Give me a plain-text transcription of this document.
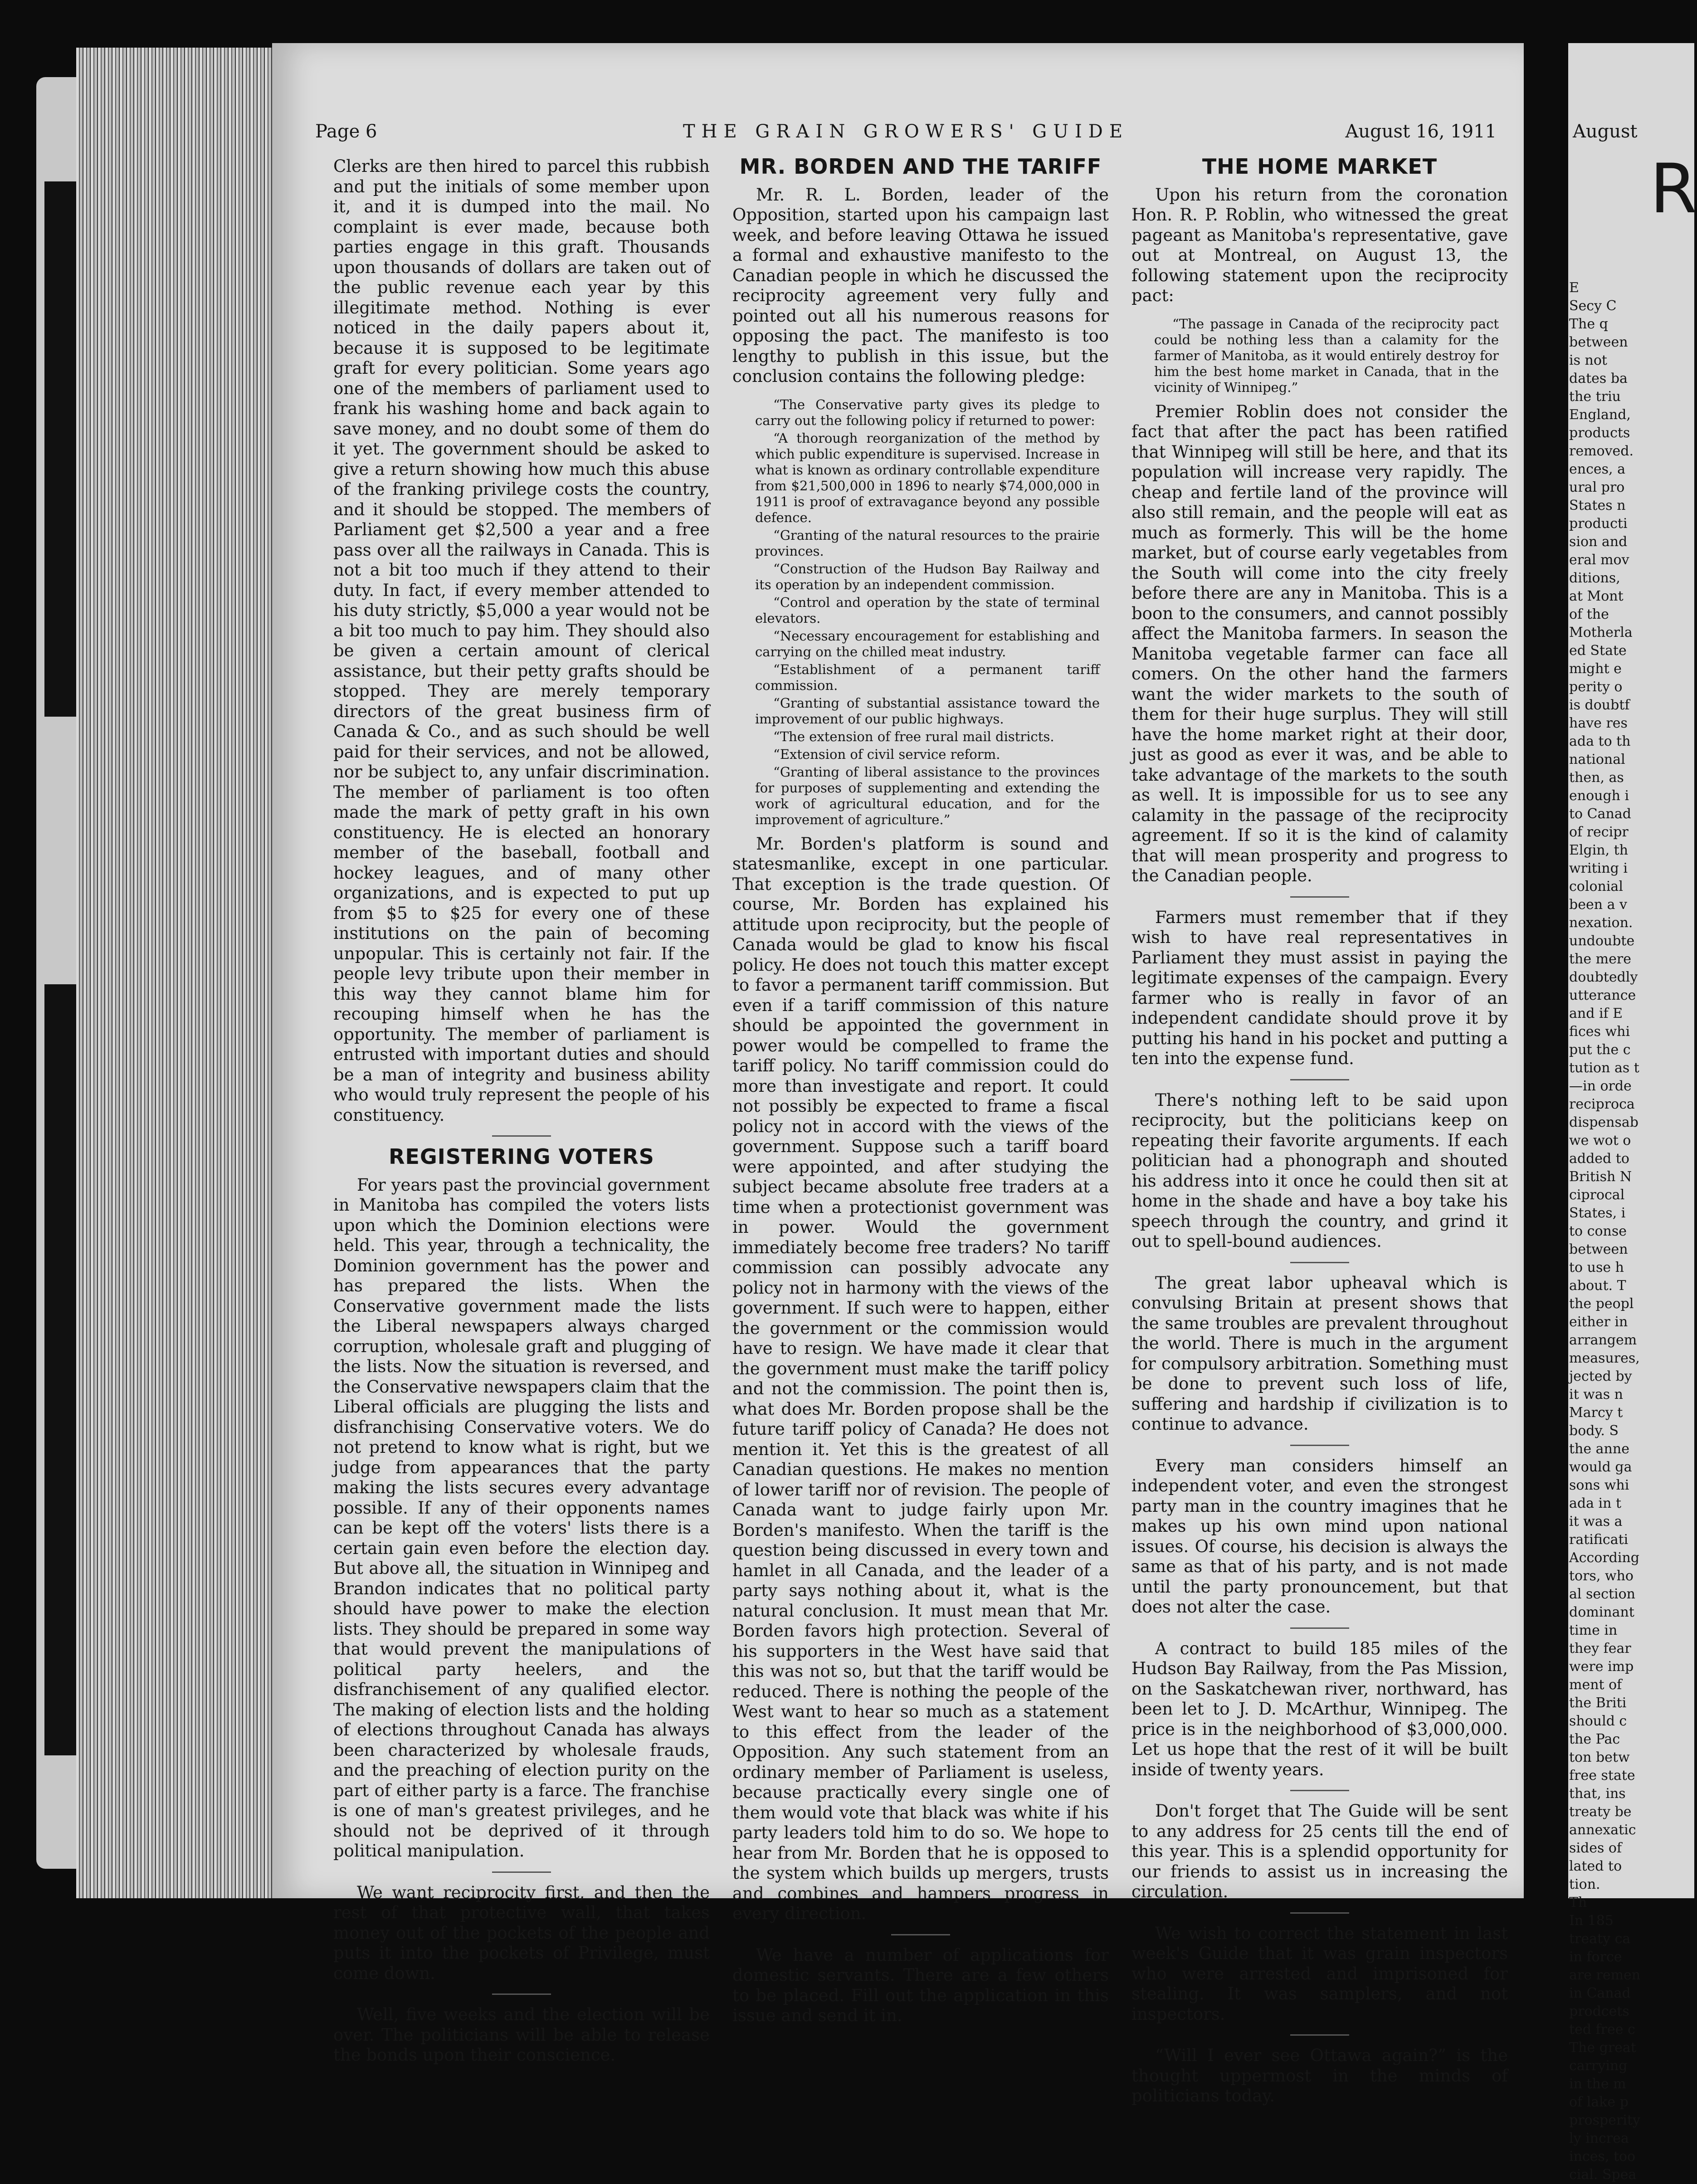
Page 6	THE GRAIN GROWERS' GUIDE	August 16, 1911

Clerks are then hired to parcel this rubbish and put the initials of some member upon it, and it is dumped into the mail. No complaint is ever made, because both parties engage in this graft. Thousands upon thousands of dollars are taken out of the public revenue each year by this illegitimate method. Nothing is ever noticed in the daily papers about it, because it is supposed to be legitimate graft for every politician. Some years ago one of the members of parliament used to frank his washing home and back again to save money, and no doubt some of them do it yet. The government should be asked to give a return showing how much this abuse of the franking privilege costs the country, and it should be stopped. The members of Parliament get $2,500 a year and a free pass over all the railways in Canada. This is not a bit too much if they attend to their duty. In fact, if every member attended to his duty strictly, $5,000 a year would not be a bit too much to pay him. They should also be given a certain amount of clerical assistance, but their petty grafts should be stopped. They are merely temporary directors of the great business firm of Canada & Co., and as such should be well paid for their services, and not be allowed, nor be subject to, any unfair discrimination. The member of parliament is too often made the mark of petty graft in his own constituency. He is elected an honorary member of the baseball, football and hockey leagues, and of many other organizations, and is expected to put up from $5 to $25 for every one of these institutions on the pain of becoming unpopular. This is certainly not fair. If the people levy tribute upon their member in this way they cannot blame him for recouping himself when he has the opportunity. The member of parliament is entrusted with important duties and should be a man of integrity and business ability who would truly represent the people of his constituency.

REGISTERING VOTERS

For years past the provincial government in Manitoba has compiled the voters lists upon which the Dominion elections were held. This year, through a technicality, the Dominion government has the power and has prepared the lists. When the Conservative government made the lists the Liberal newspapers always charged corruption, wholesale graft and plugging of the lists. Now the situation is reversed, and the Conservative newspapers claim that the Liberal officials are plugging the lists and disfranchising Conservative voters. We do not pretend to know what is right, but we judge from appearances that the party making the lists secures every advantage possible. If any of their opponents names can be kept off the voters' lists there is a certain gain even before the election day. But above all, the situation in Winnipeg and Brandon indicates that no political party should have power to make the election lists. They should be prepared in some way that would prevent the manipulations of political party heelers, and the disfranchisement of any qualified elector. The making of election lists and the holding of elections throughout Canada has always been characterized by wholesale frauds, and the preaching of election purity on the part of either party is a farce. The franchise is one of man's greatest privileges, and he should not be deprived of it through political manipulation.

We want reciprocity first, and then the rest of that protective wall, that takes money out of the pockets of the people and puts it into the pockets of Privilege, must come down.

Well, five weeks and the election will be over. The politicians will be able to release the bonds upon their conscience.

MR. BORDEN AND THE TARIFF

Mr. R. L. Borden, leader of the Opposition, started upon his campaign last week, and before leaving Ottawa he issued a formal and exhaustive manifesto to the Canadian people in which he discussed the reciprocity agreement very fully and pointed out all his numerous reasons for opposing the pact. The manifesto is too lengthy to publish in this issue, but the conclusion contains the following pledge:

“The Conservative party gives its pledge to carry out the following policy if returned to power:

“A thorough reorganization of the method by which public expenditure is supervised. Increase in what is known as ordinary controllable expenditure from $21,500,000 in 1896 to nearly $74,000,000 in 1911 is proof of extravagance beyond any possible defence.

“Granting of the natural resources to the prairie provinces.

“Construction of the Hudson Bay Railway and its operation by an independent commission.

“Control and operation by the state of terminal elevators.

“Necessary encouragement for establishing and carrying on the chilled meat industry.

“Establishment of a permanent tariff commission.

“Granting of substantial assistance toward the improvement of our public highways.

“The extension of free rural mail districts.

“Extension of civil service reform.

“Granting of liberal assistance to the provinces for purposes of supplementing and extending the work of agricultural education, and for the improvement of agriculture.”

Mr. Borden's platform is sound and statesmanlike, except in one particular. That exception is the trade question. Of course, Mr. Borden has explained his attitude upon reciprocity, but the people of Canada would be glad to know his fiscal policy. He does not touch this matter except to favor a permanent tariff commission. But even if a tariff commission of this nature should be appointed the government in power would be compelled to frame the tariff policy. No tariff commission could do more than investigate and report. It could not possibly be expected to frame a fiscal policy not in accord with the views of the government. Suppose such a tariff board were appointed, and after studying the subject became absolute free traders at a time when a protectionist government was in power. Would the government immediately become free traders? No tariff commission can possibly advocate any policy not in harmony with the views of the government. If such were to happen, either the government or the commission would have to resign. We have made it clear that the government must make the tariff policy and not the commission. The point then is, what does Mr. Borden propose shall be the future tariff policy of Canada? He does not mention it. Yet this is the greatest of all Canadian questions. He makes no mention of lower tariff nor of revision. The people of Canada want to judge fairly upon Mr. Borden's manifesto. When the tariff is the question being discussed in every town and hamlet in all Canada, and the leader of a party says nothing about it, what is the natural conclusion. It must mean that Mr. Borden favors high protection. Several of his supporters in the West have said that this was not so, but that the tariff would be reduced. There is nothing the people of the West want to hear so much as a statement to this effect from the leader of the Opposition. Any such statement from an ordinary member of Parliament is useless, because practically every single one of them would vote that black was white if his party leaders told him to do so. We hope to hear from Mr. Borden that he is opposed to the system which builds up mergers, trusts and combines and hampers progress in every direction.

We have a number of applications for domestic servants. There are a few others to be placed. Fill out the application in this issue and send it in.

THE HOME MARKET

Upon his return from the coronation Hon. R. P. Roblin, who witnessed the great pageant as Manitoba's representative, gave out at Montreal, on August 13, the following statement upon the reciprocity pact:

“The passage in Canada of the reciprocity pact could be nothing less than a calamity for the farmer of Manitoba, as it would entirely destroy for him the best home market in Canada, that in the vicinity of Winnipeg.”

Premier Roblin does not consider the fact that after the pact has been ratified that Winnipeg will still be here, and that its population will increase very rapidly. The cheap and fertile land of the province will also still remain, and the people will eat as much as formerly. This will be the home market, but of course early vegetables from the South will come into the city freely before there are any in Manitoba. This is a boon to the consumers, and cannot possibly affect the Manitoba farmers. In season the Manitoba vegetable farmer can face all comers. On the other hand the farmers want the wider markets to the south of them for their huge surplus. They will still have the home market right at their door, just as good as ever it was, and be able to take advantage of the markets to the south as well. It is impossible for us to see any calamity in the passage of the reciprocity agreement. If so it is the kind of calamity that will mean prosperity and progress to the Canadian people.

Farmers must remember that if they wish to have real representatives in Parliament they must assist in paying the legitimate expenses of the campaign. Every farmer who is really in favor of an independent candidate should prove it by putting his hand in his pocket and putting a ten into the expense fund.

There's nothing left to be said upon reciprocity, but the politicians keep on repeating their favorite arguments. If each politician had a phonograph and shouted his address into it once he could then sit at home in the shade and have a boy take his speech through the country, and grind it out to spell-bound audiences.

The great labor upheaval which is convulsing Britain at present shows that the same troubles are prevalent throughout the world. There is much in the argument for compulsory arbitration. Something must be done to prevent such loss of life, suffering and hardship if civilization is to continue to advance.

Every man considers himself an independent voter, and even the strongest party man in the country imagines that he makes up his own mind upon national issues. Of course, his decision is always the same as that of his party, and is not made until the party pronouncement, but that does not alter the case.

A contract to build 185 miles of the Hudson Bay Railway, from the Pas Mission, on the Saskatchewan river, northward, has been let to J. D. McArthur, Winnipeg. The price is in the neighborhood of $3,000,000. Let us hope that the rest of it will be built inside of twenty years.

Don't forget that The Guide will be sent to any address for 25 cents till the end of this year. This is a splendid opportunity for our friends to assist us in increasing the circulation.

We wish to correct the statement in last week's Guide that it was grain inspectors who were arrested and imprisoned for stealing. It was samplers, and not inspectors.

“Will I ever see Ottawa again?” is the thought uppermost in the minds of politicians today.

August
R
E
Secy C
The q
between
is not
dates ba
the triu
England,
products
removed.
ences, a
ural pro
States n
producti
sion and
eral mov
ditions,
at Mont
of the
Motherla
ed State
might e
perity o
is doubtf
have res
ada to th
national
then, as
enough i
to Canad
of recipr
Elgin, th
writing i
colonial
been a v
nexation.
undoubte
the mere
doubtedly
utterance
and if E
fices whi
put the c
tution as t
—in orde
reciproca
dispensab
we wot o
added to
British N
ciprocal
States, i
to conse
between
to use h
about. T
the peopl
either in
arrangem
measures,
jected by
it was n
Marcy t
body. S
the anne
would ga
sons whi
ada in t
it was a
ratificati
According
tors, who
al section
dominant
time in
they fear
were imp
ment of
the Briti
should c
the Pac
ton betw
free state
that, ins
treaty be
annexatic
sides of
lated to
tion.
Th
In 185
treaty ca
in force
are remen
in Canad
prodcets
ted free c
The great
carrying
in the m
of lake p
prosperity
ly increa
inces, too
cial. Spea
